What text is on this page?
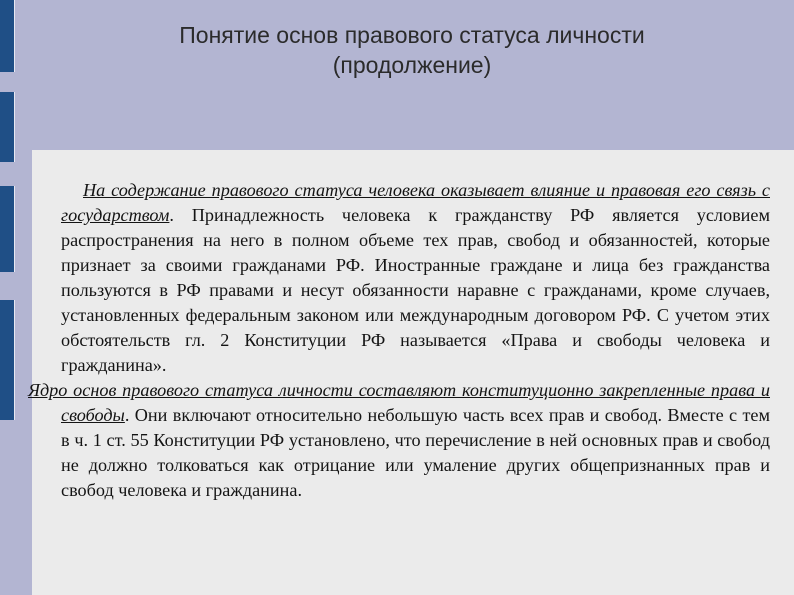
Понятие основ правового статуса личности
(продолжение)

На содержание правового статуса человека оказывает влияние и правовая его связь с государством. Принадлежность человека к гражданству РФ является условием распространения на него в полном объеме тех прав, свобод и обязанностей, которые признает за своими гражданами РФ. Иностранные граждане и лица без гражданства пользуются в РФ правами и несут обязанности наравне с гражданами, кроме случаев, установленных федеральным законом или международным договором РФ. С учетом этих обстоятельств гл. 2 Конституции РФ называется «Права и свободы человека и гражданина».

Ядро основ правового статуса личности составляют конституционно закрепленные права и свободы. Они включают относительно небольшую часть всех прав и свобод. Вместе с тем в ч. 1 ст. 55 Конституции РФ установлено, что перечисление в ней основных прав и свобод не должно толковаться как отрицание или умаление других общепризнанных прав и свобод человека и гражданина.
